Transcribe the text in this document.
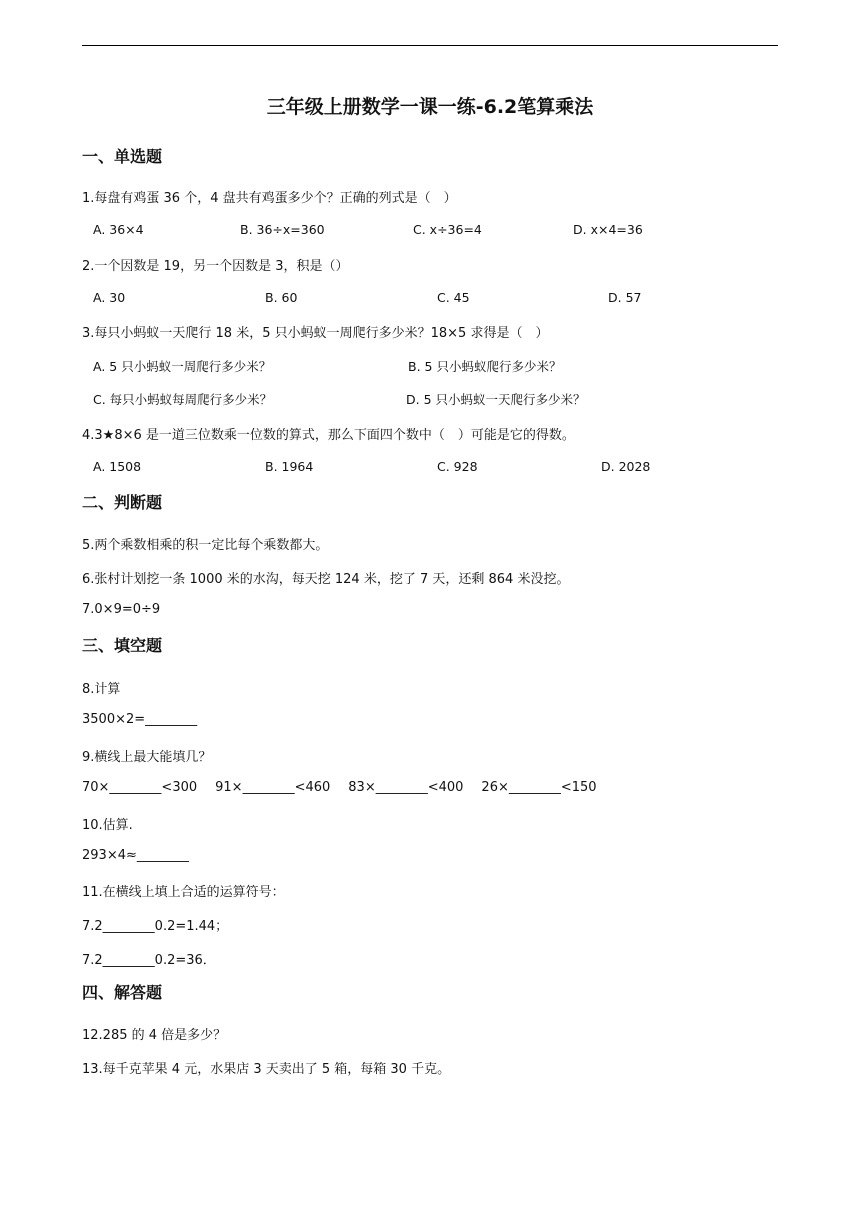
三年级上册数学一课一练-6.2笔算乘法
一、单选题
1.每盘有鸡蛋 36 个，4 盘共有鸡蛋多少个？正确的列式是（　）
A. 36×4	B. 36÷x=360	C. x÷36=4	D. x×4=36
2.一个因数是 19，另一个因数是 3，积是（）
A. 30	B. 60	C. 45	D. 57
3.每只小蚂蚁一天爬行 18 米，5 只小蚂蚁一周爬行多少米？18×5 求得是（　）
A. 5 只小蚂蚁一周爬行多少米？	B. 5 只小蚂蚁爬行多少米？
C. 每只小蚂蚁每周爬行多少米？	D. 5 只小蚂蚁一天爬行多少米？
4.3★8×6 是一道三位数乘一位数的算式，那么下面四个数中（　）可能是它的得数。
A. 1508	B. 1964	C. 928	D. 2028
二、判断题
5.两个乘数相乘的积一定比每个乘数都大。
6.张村计划挖一条 1000 米的水沟，每天挖 124 米，挖了 7 天，还剩 864 米没挖。
7.0×9=0÷9
三、填空题
8.计算
3500×2=________
9.横线上最大能填几？
70×________<300 91×________<460 83×________<400 26×________<150
10.估算.
293×4≈________
11.在横线上填上合适的运算符号：
7.2________0.2=1.44；
7.2________0.2=36．
四、解答题
12.285 的 4 倍是多少？
13.每千克苹果 4 元，水果店 3 天卖出了 5 箱，每箱 30 千克。
